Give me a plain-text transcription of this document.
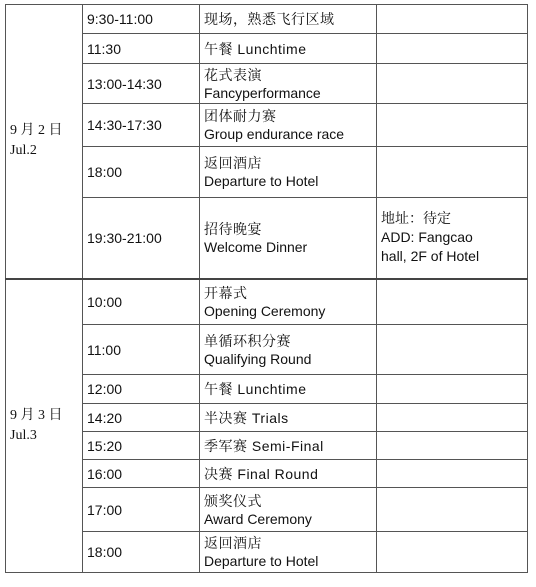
9 月 2 日
Jul.2	9:30-11:00	现场，熟悉飞行区域	

	11:30	午餐 Lunchtime	

	13:00-14:30	花式表演
Fancyperformance	

	14:30-17:30	团体耐力赛
Group endurance race	

	18:00	返回酒店
Departure to Hotel	

	19:30-21:00	招待晚宴
Welcome Dinner	地址：待定
ADD: Fangcao
hall, 2F of Hotel

9 月 3 日
Jul.3	10:00	开幕式
Opening Ceremony	

	11:00	单循环积分赛
Qualifying Round	

	12:00	午餐 Lunchtime	

	14:20	半决赛 Trials	

	15:20	季军赛 Semi-Final	

	16:00	决赛 Final Round	

	17:00	颁奖仪式
Award Ceremony	

	18:00	返回酒店
Departure to Hotel	
